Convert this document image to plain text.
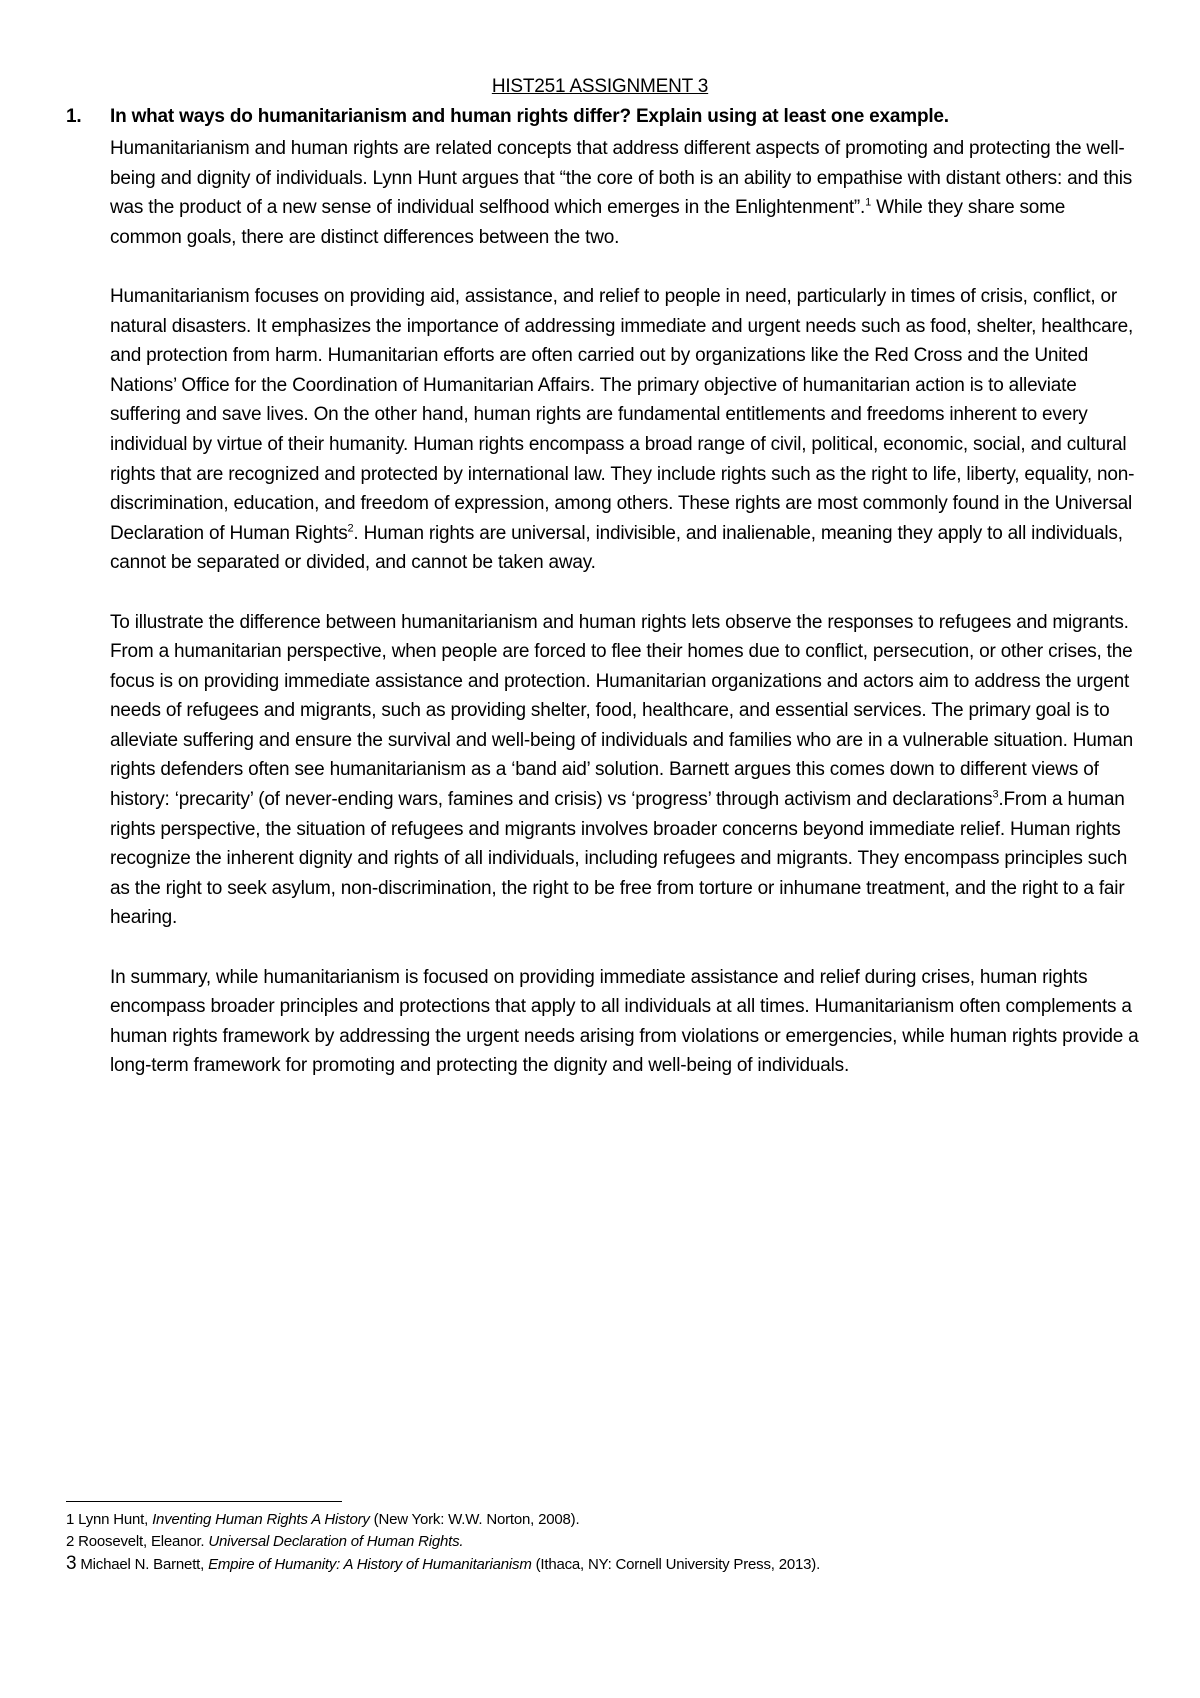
HIST251 ASSIGNMENT 3
1. In what ways do humanitarianism and human rights differ? Explain using at least one example.

Humanitarianism and human rights are related concepts that address different aspects of promoting and protecting the well-being and dignity of individuals. Lynn Hunt argues that “the core of both is an ability to empathise with distant others: and this was the product of a new sense of individual selfhood which emerges in the Enlightenment”.$^1$ While they share some common goals, there are distinct differences between the two.

Humanitarianism focuses on providing aid, assistance, and relief to people in need, particularly in times of crisis, conflict, or natural disasters. It emphasizes the importance of addressing immediate and urgent needs such as food, shelter, healthcare, and protection from harm. Humanitarian efforts are often carried out by organizations like the Red Cross and the United Nations’ Office for the Coordination of Humanitarian Affairs. The primary objective of humanitarian action is to alleviate suffering and save lives. On the other hand, human rights are fundamental entitlements and freedoms inherent to every individual by virtue of their humanity. Human rights encompass a broad range of civil, political, economic, social, and cultural rights that are recognized and protected by international law. They include rights such as the right to life, liberty, equality, non-discrimination, education, and freedom of expression, among others. These rights are most commonly found in the Universal Declaration of Human Rights$^2$. Human rights are universal, indivisible, and inalienable, meaning they apply to all individuals, cannot be separated or divided, and cannot be taken away.

To illustrate the difference between humanitarianism and human rights lets observe the responses to refugees and migrants. From a humanitarian perspective, when people are forced to flee their homes due to conflict, persecution, or other crises, the focus is on providing immediate assistance and protection. Humanitarian organizations and actors aim to address the urgent needs of refugees and migrants, such as providing shelter, food, healthcare, and essential services. The primary goal is to alleviate suffering and ensure the survival and well-being of individuals and families who are in a vulnerable situation. Human rights defenders often see humanitarianism as a ‘band aid’ solution. Barnett argues this comes down to different views of history: ‘precarity’ (of never-ending wars, famines and crisis) vs ‘progress’ through activism and declarations$^3$.From a human rights perspective, the situation of refugees and migrants involves broader concerns beyond immediate relief. Human rights recognize the inherent dignity and rights of all individuals, including refugees and migrants. They encompass principles such as the right to seek asylum, non-discrimination, the right to be free from torture or inhumane treatment, and the right to a fair hearing.

In summary, while humanitarianism is focused on providing immediate assistance and relief during crises, human rights encompass broader principles and protections that apply to all individuals at all times. Humanitarianism often complements a human rights framework by addressing the urgent needs arising from violations or emergencies, while human rights provide a long-term framework for promoting and protecting the dignity and well-being of individuals.

1 Lynn Hunt, Inventing Human Rights A History (New York: W.W. Norton, 2008).
2 Roosevelt, Eleanor. Universal Declaration of Human Rights.
3 Michael N. Barnett, Empire of Humanity: A History of Humanitarianism (Ithaca, NY: Cornell University Press, 2013).
